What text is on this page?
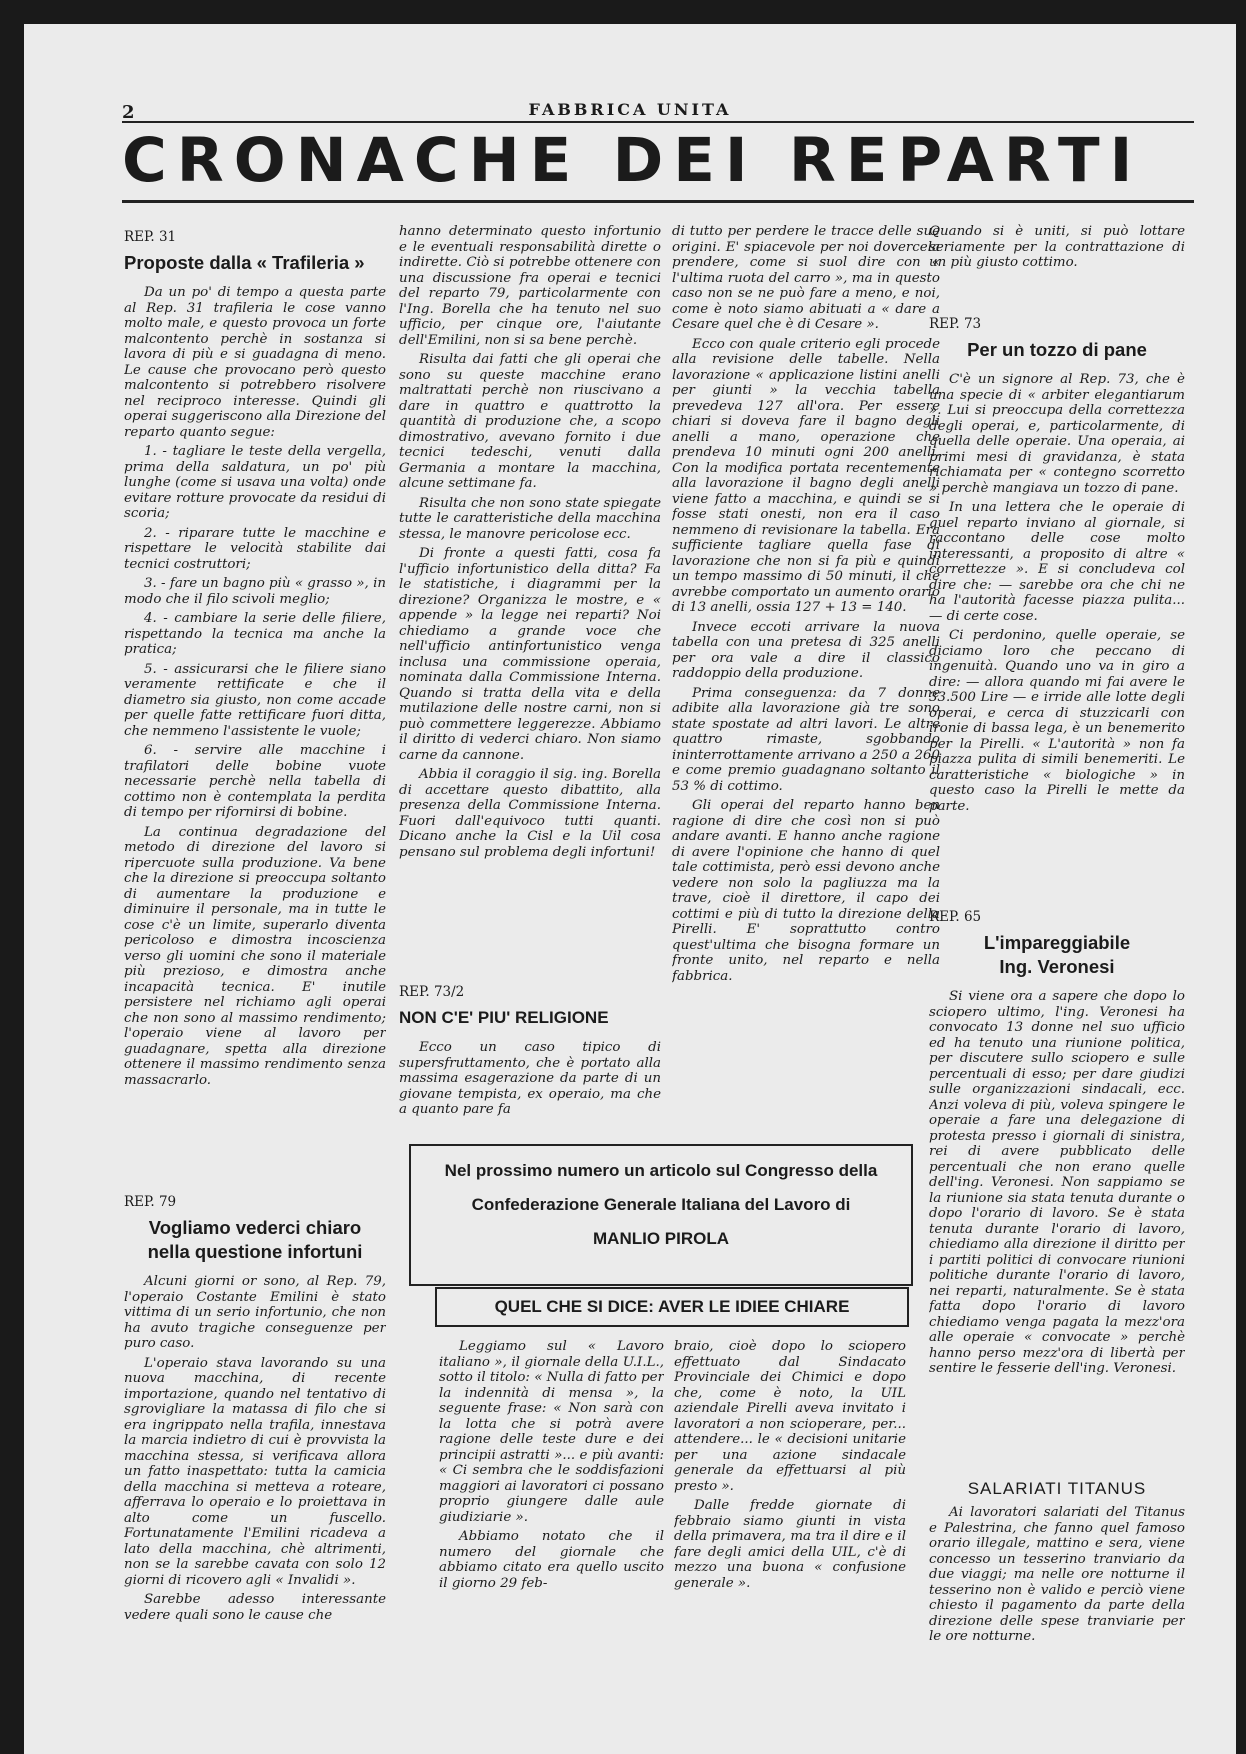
2	FABBRICA UNITA
CRONACHE DEI REPARTI
REP. 31
Proposte dalla « Trafileria »

Da un po' di tempo a questa parte al Rep. 31 trafileria le cose vanno molto male, e questo provoca un forte malcontento perchè in sostanza si lavora di più e si guadagna di meno. Le cause che provocano però questo malcontento si potrebbero risolvere nel reciproco interesse. Quindi gli operai suggeriscono alla Direzione del reparto quanto segue:

1. - tagliare le teste della vergella, prima della saldatura, un po' più lunghe (come si usava una volta) onde evitare rotture provocate da residui di scoria;

2. - riparare tutte le macchine e rispettare le velocità stabilite dai tecnici costruttori;

3. - fare un bagno più « grasso », in modo che il filo scivoli meglio;

4. - cambiare la serie delle filiere, rispettando la tecnica ma anche la pratica;

5. - assicurarsi che le filiere siano veramente rettificate e che il diametro sia giusto, non come accade per quelle fatte rettificare fuori ditta, che nemmeno l'assistente le vuole;

6. - servire alle macchine i trafilatori delle bobine vuote necessarie perchè nella tabella di cottimo non è contemplata la perdita di tempo per rifornirsi di bobine.

La continua degradazione del metodo di direzione del lavoro si ripercuote sulla produzione. Va bene che la direzione si preoccupa soltanto di aumentare la produzione e diminuire il personale, ma in tutte le cose c'è un limite, superarlo diventa pericoloso e dimostra incoscienza verso gli uomini che sono il materiale più prezioso, e dimostra anche incapacità tecnica. E' inutile persistere nel richiamo agli operai che non sono al massimo rendimento; l'operaio viene al lavoro per guadagnare, spetta alla direzione ottenere il massimo rendimento senza massacrarlo.

REP. 79
Vogliamo vederci chiaro
nella questione infortuni

Alcuni giorni or sono, al Rep. 79, l'operaio Costante Emilini è stato vittima di un serio infortunio, che non ha avuto tragiche conseguenze per puro caso.

L'operaio stava lavorando su una nuova macchina, di recente importazione, quando nel tentativo di sgrovigliare la matassa di filo che si era ingrippato nella trafila, innestava la marcia indietro di cui è provvista la macchina stessa, si verificava allora un fatto inaspettato: tutta la camicia della macchina si metteva a roteare, afferrava lo operaio e lo proiettava in alto come un fuscello. Fortunatamente l'Emilini ricadeva a lato della macchina, chè altrimenti, non se la sarebbe cavata con solo 12 giorni di ricovero agli « Invalidi ».

Sarebbe adesso interessante vedere quali sono le cause che

hanno determinato questo infortunio e le eventuali responsabilità dirette o indirette. Ciò si potrebbe ottenere con una discussione fra operai e tecnici del reparto 79, particolarmente con l'Ing. Borella che ha tenuto nel suo ufficio, per cinque ore, l'aiutante dell'Emilini, non si sa bene perchè.

Risulta dai fatti che gli operai che sono su queste macchine erano maltrattati perchè non riuscivano a dare in quattro e quattrotto la quantità di produzione che, a scopo dimostrativo, avevano fornito i due tecnici tedeschi, venuti dalla Germania a montare la macchina, alcune settimane fa.

Risulta che non sono state spiegate tutte le caratteristiche della macchina stessa, le manovre pericolose ecc.

Di fronte a questi fatti, cosa fa l'ufficio infortunistico della ditta? Fa le statistiche, i diagrammi per la direzione? Organizza le mostre, e « appende » la legge nei reparti? Noi chiediamo a grande voce che nell'ufficio antinfortunistico venga inclusa una commissione operaia, nominata dalla Commissione Interna. Quando si tratta della vita e della mutilazione delle nostre carni, non si può commettere leggerezze. Abbiamo il diritto di vederci chiaro. Non siamo carne da cannone.

Abbia il coraggio il sig. ing. Borella di accettare questo dibattito, alla presenza della Commissione Interna. Fuori dall'equivoco tutti quanti. Dicano anche la Cisl e la Uil cosa pensano sul problema degli infortuni!

REP. 73/2
NON C'E' PIU' RELIGIONE

Ecco un caso tipico di supersfruttamento, che è portato alla massima esagerazione da parte di un giovane tempista, ex operaio, ma che a quanto pare fa

di tutto per perdere le tracce delle sue origini. E' spiacevole per noi dovercela prendere, come si suol dire con « l'ultima ruota del carro », ma in questo caso non se ne può fare a meno, e noi, come è noto siamo abituati a « dare a Cesare quel che è di Cesare ».

Ecco con quale criterio egli procede alla revisione delle tabelle. Nella lavorazione « applicazione listini anelli per giunti » la vecchia tabella prevedeva 127 all'ora. Per essere chiari si doveva fare il bagno degli anelli a mano, operazione che prendeva 10 minuti ogni 200 anelli. Con la modifica portata recentemente alla lavorazione il bagno degli anelli viene fatto a macchina, e quindi se si fosse stati onesti, non era il caso nemmeno di revisionare la tabella. Era sufficiente tagliare quella fase di lavorazione che non si fa più e quindi un tempo massimo di 50 minuti, il che avrebbe comportato un aumento orario di 13 anelli, ossia 127 + 13 = 140.

Invece eccoti arrivare la nuova tabella con una pretesa di 325 anelli per ora vale a dire il classico raddoppio della produzione.

Prima conseguenza: da 7 donne adibite alla lavorazione già tre sono state spostate ad altri lavori. Le altre quattro rimaste, sgobbando ininterrottamente arrivano a 250 a 260 e come premio guadagnano soltanto il 53 % di cottimo.

Gli operai del reparto hanno ben ragione di dire che così non si può andare avanti. E hanno anche ragione di avere l'opinione che hanno di quel tale cottimista, però essi devono anche vedere non solo la pagliuzza ma la trave, cioè il direttore, il capo dei cottimi e più di tutto la direzione della Pirelli. E' soprattutto contro quest'ultima che bisogna formare un fronte unito, nel reparto e nella fabbrica.

Nel prossimo numero un articolo sul Congresso della
Confederazione Generale Italiana del Lavoro di
MANLIO PIROLA
QUEL CHE SI DICE: AVER LE IDIEE CHIARE

Leggiamo sul « Lavoro italiano », il giornale della U.I.L., sotto il titolo: « Nulla di fatto per la indennità di mensa », la seguente frase: « Non sarà con la lotta che si potrà avere ragione delle teste dure e dei principii astratti »... e più avanti: « Ci sembra che le soddisfazioni maggiori ai lavoratori ci possano proprio giungere dalle aule giudiziarie ».

Abbiamo notato che il numero del giornale che abbiamo citato era quello uscito il giorno 29 feb-

braio, cioè dopo lo sciopero effettuato dal Sindacato Provinciale dei Chimici e dopo che, come è noto, la UIL aziendale Pirelli aveva invitato i lavoratori a non scioperare, per... attendere... le « decisioni unitarie per una azione sindacale generale da effettuarsi al più presto ».

Dalle fredde giornate di febbraio siamo giunti in vista della primavera, ma tra il dire e il fare degli amici della UIL, c'è di mezzo una buona « confusione generale ».

Quando si è uniti, si può lottare seriamente per la contrattazione di un più giusto cottimo.

REP. 73
Per un tozzo di pane

C'è un signore al Rep. 73, che è una specie di « arbiter elegantiarum ». Lui si preoccupa della correttezza degli operai, e, particolarmente, di quella delle operaie. Una operaia, ai primi mesi di gravidanza, è stata richiamata per « contegno scorretto » perchè mangiava un tozzo di pane.

In una lettera che le operaie di quel reparto inviano al giornale, si raccontano delle cose molto interessanti, a proposito di altre « correttezze ». E si concludeva col dire che: — sarebbe ora che chi ne ha l'autorità facesse piazza pulita... — di certe cose.

Ci perdonino, quelle operaie, se diciamo loro che peccano di ingenuità. Quando uno va in giro a dire: — allora quando mi fai avere le 33.500 Lire — e irride alle lotte degli operai, e cerca di stuzzicarli con ironie di bassa lega, è un benemerito per la Pirelli. « L'autorità » non fa piazza pulita di simili benemeriti. Le caratteristiche « biologiche » in questo caso la Pirelli le mette da parte.

REP. 65
L'impareggiabile
Ing. Veronesi

Si viene ora a sapere che dopo lo sciopero ultimo, l'ing. Veronesi ha convocato 13 donne nel suo ufficio ed ha tenuto una riunione politica, per discutere sullo sciopero e sulle percentuali di esso; per dare giudizi sulle organizzazioni sindacali, ecc. Anzi voleva di più, voleva spingere le operaie a fare una delegazione di protesta presso i giornali di sinistra, rei di avere pubblicato delle percentuali che non erano quelle dell'ing. Veronesi. Non sappiamo se la riunione sia stata tenuta durante o dopo l'orario di lavoro. Se è stata tenuta durante l'orario di lavoro, chiediamo alla direzione il diritto per i partiti politici di convocare riunioni politiche durante l'orario di lavoro, nei reparti, naturalmente. Se è stata fatta dopo l'orario di lavoro chiediamo venga pagata la mezz'ora alle operaie « convocate » perchè hanno perso mezz'ora di libertà per sentire le fesserie dell'ing. Veronesi.

SALARIATI TITANUS

Ai lavoratori salariati del Titanus e Palestrina, che fanno quel famoso orario illegale, mattino e sera, viene concesso un tesserino tranviario da due viaggi; ma nelle ore notturne il tesserino non è valido e perciò viene chiesto il pagamento da parte della direzione delle spese tranviarie per le ore notturne.
